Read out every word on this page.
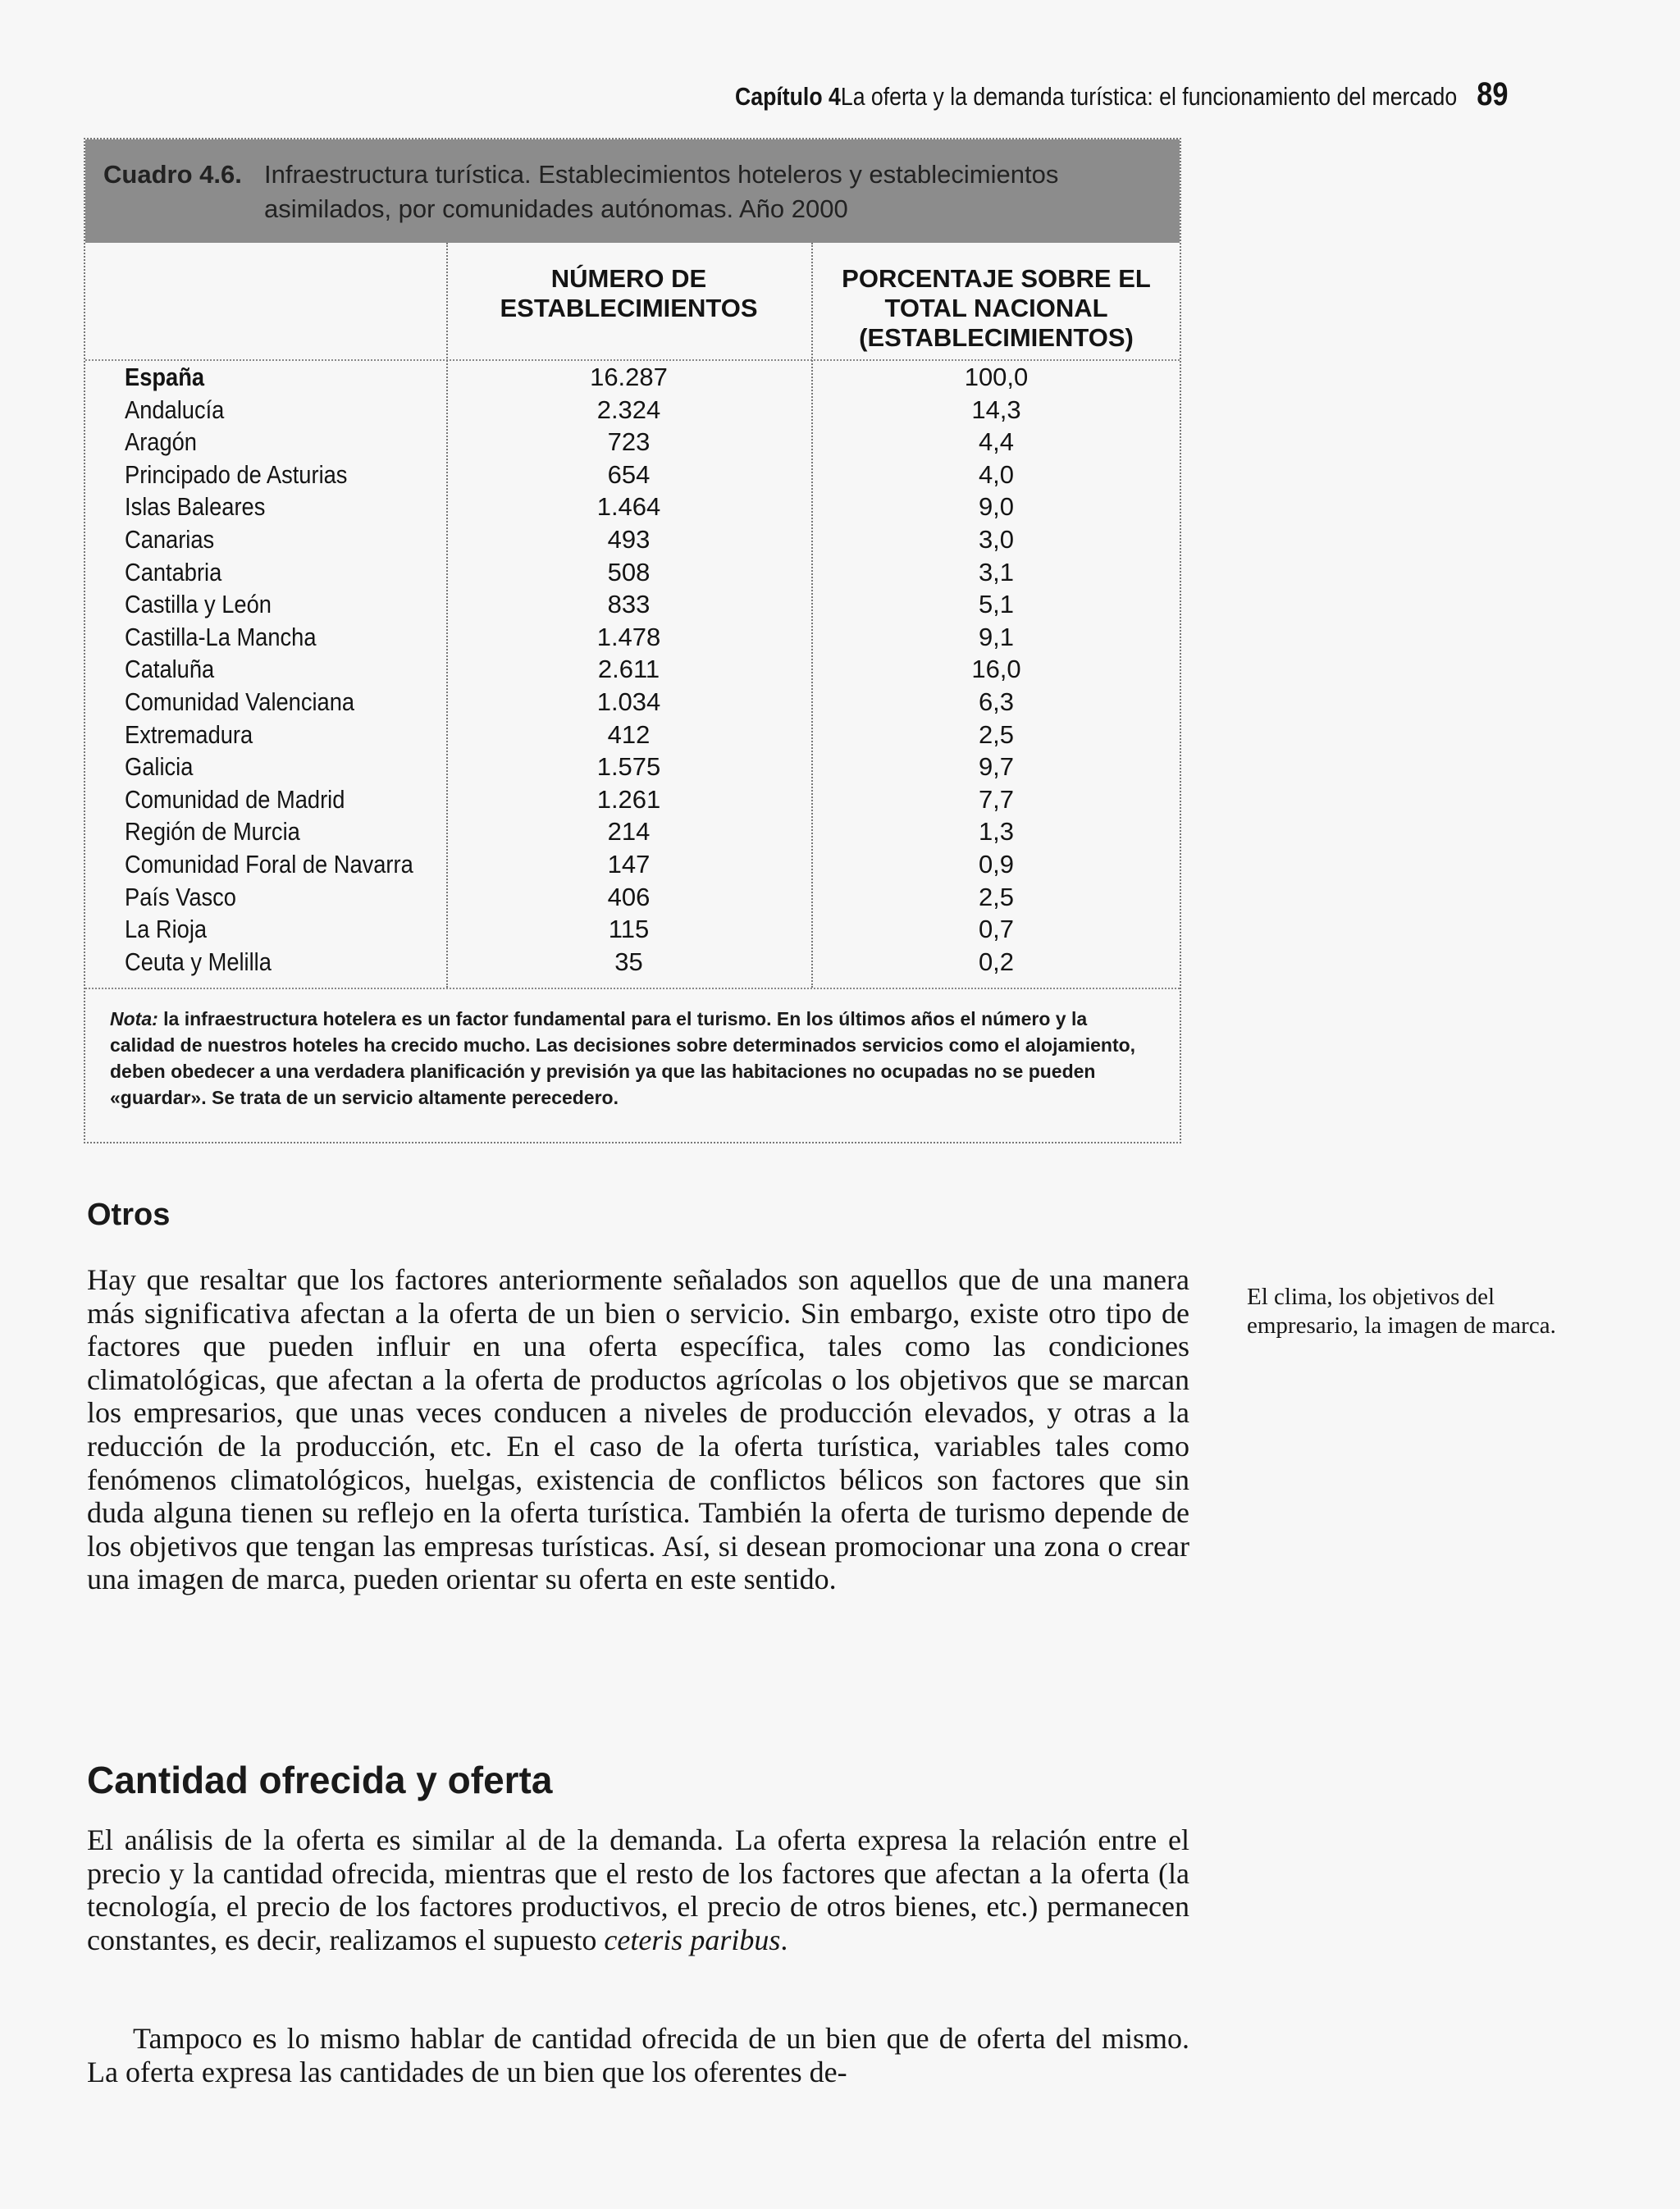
Capítulo 4 La oferta y la demanda turística: el funcionamiento del mercado 89
Cuadro 4.6. Infraestructura turística. Establecimientos hoteleros y establecimientos asimilados, por comunidades autónomas. Año 2000
NÚMERO DE ESTABLECIMIENTOS
PORCENTAJE SOBRE EL TOTAL NACIONAL (ESTABLECIMIENTOS)
España	16.287	100,0
Andalucía	2.324	14,3
Aragón	723	4,4
Principado de Asturias	654	4,0
Islas Baleares	1.464	9,0
Canarias	493	3,0
Cantabria	508	3,1
Castilla y León	833	5,1
Castilla-La Mancha	1.478	9,1
Cataluña	2.611	16,0
Comunidad Valenciana	1.034	6,3
Extremadura	412	2,5
Galicia	1.575	9,7
Comunidad de Madrid	1.261	7,7
Región de Murcia	214	1,3
Comunidad Foral de Navarra	147	0,9
País Vasco	406	2,5
La Rioja	115	0,7
Ceuta y Melilla	35	0,2
Nota: la infraestructura hotelera es un factor fundamental para el turismo. En los últimos años el número y la calidad de nuestros hoteles ha crecido mucho. Las decisiones sobre determinados servicios como el alojamiento, deben obedecer a una verdadera planificación y previsión ya que las habitaciones no ocupadas no se pueden «guardar». Se trata de un servicio altamente perecedero.
Otros

Hay que resaltar que los factores anteriormente señalados son aquellos que de una manera más significativa afectan a la oferta de un bien o servicio. Sin embargo, existe otro tipo de factores que pueden influir en una oferta específica, tales como las condiciones climatológicas, que afectan a la oferta de productos agrícolas o los objetivos que se marcan los empresarios, que unas veces conducen a niveles de producción elevados, y otras a la reducción de la producción, etc. En el caso de la oferta turística, variables tales como fenómenos climatológicos, huelgas, existencia de conflictos bélicos son factores que sin duda alguna tienen su reflejo en la oferta turística. También la oferta de turismo depende de los objetivos que tengan las empresas turísticas. Así, si desean promocionar una zona o crear una imagen de marca, pueden orientar su oferta en este sentido.

El clima, los objetivos del empresario, la imagen de marca.

Cantidad ofrecida y oferta

El análisis de la oferta es similar al de la demanda. La oferta expresa la relación entre el precio y la cantidad ofrecida, mientras que el resto de los factores que afectan a la oferta (la tecnología, el precio de los factores productivos, el precio de otros bienes, etc.) permanecen constantes, es decir, realizamos el supuesto ceteris paribus.

Tampoco es lo mismo hablar de cantidad ofrecida de un bien que de oferta del mismo. La oferta expresa las cantidades de un bien que los oferentes de-
